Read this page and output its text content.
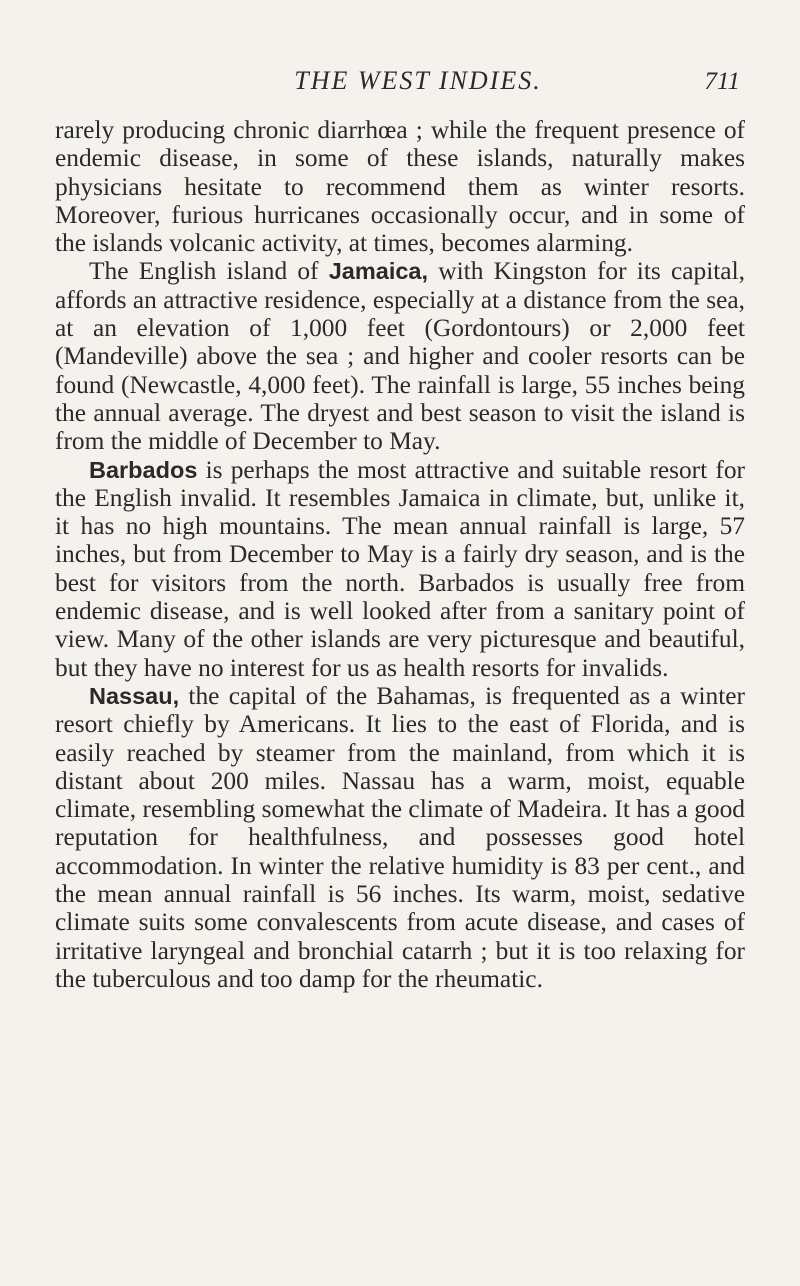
THE WEST INDIES.	711

rarely producing chronic diarrhœa ; while the frequent presence of endemic disease, in some of these islands, naturally makes physicians hesitate to recommend them as winter resorts. Moreover, furious hurricanes occasionally occur, and in some of the islands volcanic activity, at times, becomes alarming.

The English island of Jamaica, with Kingston for its capital, affords an attractive residence, especially at a distance from the sea, at an elevation of 1,000 feet (Gordontours) or 2,000 feet (Mandeville) above the sea ; and higher and cooler resorts can be found (Newcastle, 4,000 feet). The rainfall is large, 55 inches being the annual average. The dryest and best season to visit the island is from the middle of December to May.

Barbados is perhaps the most attractive and suitable resort for the English invalid. It resembles Jamaica in climate, but, unlike it, it has no high mountains. The mean annual rainfall is large, 57 inches, but from December to May is a fairly dry season, and is the best for visitors from the north. Barbados is usually free from endemic disease, and is well looked after from a sanitary point of view. Many of the other islands are very picturesque and beautiful, but they have no interest for us as health resorts for invalids.

Nassau, the capital of the Bahamas, is frequented as a winter resort chiefly by Americans. It lies to the east of Florida, and is easily reached by steamer from the mainland, from which it is distant about 200 miles. Nassau has a warm, moist, equable climate, resembling somewhat the climate of Madeira. It has a good reputation for healthfulness, and possesses good hotel accommodation. In winter the relative humidity is 83 per cent., and the mean annual rainfall is 56 inches. Its warm, moist, sedative climate suits some convalescents from acute disease, and cases of irritative laryngeal and bronchial catarrh ; but it is too relaxing for the tuberculous and too damp for the rheumatic.
